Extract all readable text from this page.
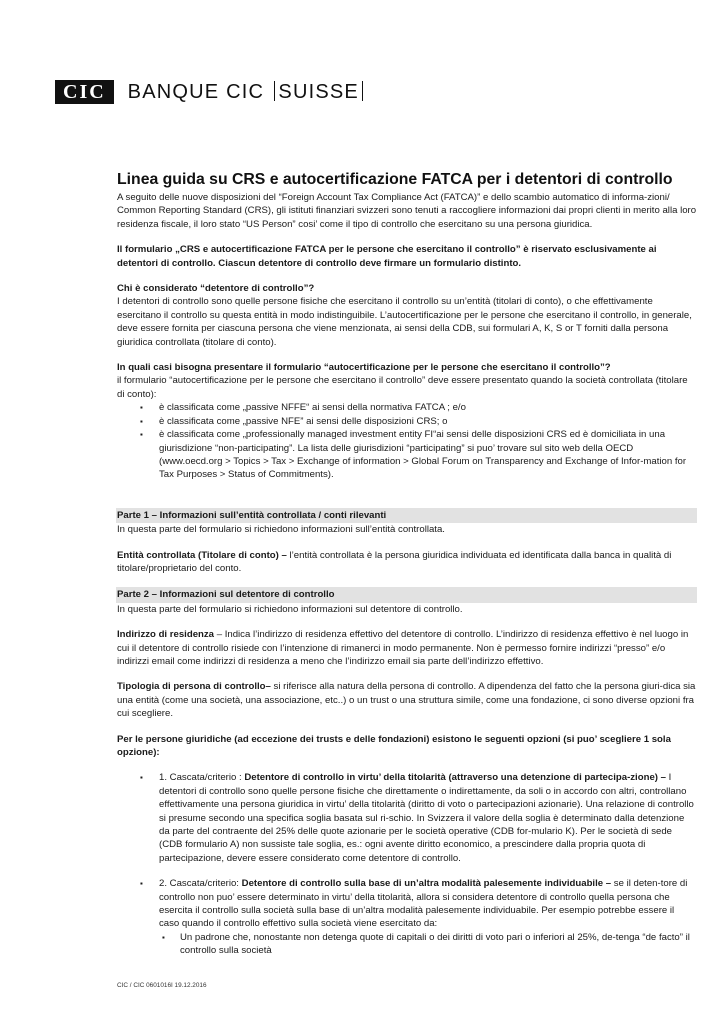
CIC	BANQUE CIC SUISSE
Linea guida su CRS e autocertificazione FATCA per i detentori di controllo

A seguito delle nuove disposizioni del “Foreign Account Tax Compliance Act (FATCA)” e dello scambio automatico di informa-zioni/ Common Reporting Standard (CRS), gli istituti finanziari svizzeri sono tenuti a raccogliere informazioni dai propri clienti in merito alla loro residenza fiscale, il loro stato “US Person” cosi’ come il tipo di controllo che esercitano su una persona giuridica.

Il formulario „CRS e autocertificazione FATCA per le persone che esercitano il controllo” è riservato esclusivamente ai detentori di controllo. Ciascun detentore di controllo deve firmare un formulario distinto.

Chi è considerato “detentore di controllo”?

I detentori di controllo sono quelle persone fisiche che esercitano il controllo su un’entità (titolari di conto), o che effettivamente esercitano il controllo su questa entità in modo indistinguibile. L’autocertificazione per le persone che esercitano il controllo, in generale, deve essere fornita per ciascuna persona che viene menzionata, ai sensi della CDB, sui formulari A, K, S or T forniti dalla persona giuridica controllata (titolare di conto).

In quali casi bisogna presentare il formulario “autocertificazione per le persone che esercitano il controllo”?

il formulario “autocertificazione per le persone che esercitano il controllo” deve essere presentato quando la società controllata (titolare di conto):

▪ è classificata come „passive NFFE“ ai sensi della normativa FATCA ; e/o
▪ è classificata come „passive NFE” ai sensi delle disposizioni CRS; o
▪ è classificata come „professionally managed investment entity FI“ai sensi delle disposizioni CRS ed è domiciliata in una giurisdizione “non-participating”. La lista delle giurisdizioni “participating” si puo’ trovare sul sito web della OECD (www.oecd.org > Topics > Tax > Exchange of information > Global Forum on Transparency and Exchange of Infor-mation for Tax Purposes > Status of Commitments).
Parte 1 – Informazioni sull’entità controllata / conti rilevanti

In questa parte del formulario si richiedono informazioni sull’entità controllata.

Entità controllata (Titolare di conto) – l’entità controllata è la persona giuridica individuata ed identificata dalla banca in qualità di titolare/proprietario del conto.

Parte 2 – Informazioni sul detentore di controllo

In questa parte del formulario si richiedono informazioni sul detentore di controllo.

Indirizzo di residenza – Indica l’indirizzo di residenza effettivo del detentore di controllo. L’indirizzo di residenza effettivo è nel luogo in cui il detentore di controllo risiede con l’intenzione di rimanerci in modo permanente. Non è permesso fornire indirizzi “presso” e/o indirizzi email come indirizzi di residenza a meno che l’indirizzo email sia parte dell’indirizzo effettivo.

Tipologia di persona di controllo– si riferisce alla natura della persona di controllo. A dipendenza del fatto che la persona giuri-dica sia una entità (come una società, una associazione, etc..) o un trust o una struttura simile, come una fondazione, ci sono diverse opzioni fra cui scegliere.

Per le persone giuridiche (ad eccezione dei trusts e delle fondazioni) esistono le seguenti opzioni (si puo’ scegliere 1 sola opzione):

▪ 1. Cascata/criterio : Detentore di controllo in virtu’ della titolarità (attraverso una detenzione di partecipa-zione) – I detentori di controllo sono quelle persone fisiche che direttamente o indirettamente, da soli o in accordo con altri, controllano effettivamente una persona giuridica in virtu’ della titolarità (diritto di voto o partecipazioni azionarie). Una relazione di controllo si presume secondo una specifica soglia basata sul ri-schio. In Svizzera il valore della soglia è determinato dalla detenzione da parte del contraente del 25% delle quote azionarie per le società operative (CDB for-mulario K). Per le società di sede (CDB formulario A) non sussiste tale soglia, es.: ogni avente diritto economico, a prescindere dalla propria quota di partecipazione, devere essere considerato come detentore di controllo.
▪ 2. Cascata/criterio: Detentore di controllo sulla base di un’altra modalità palesemente individuabile – se il deten-tore di controllo non puo’ essere determinato in virtu’ della titolarità, allora si considera detentore di controllo quella persona che esercita il controllo sulla società sulla base di un’altra modalità palesemente individuabile. Per esempio potrebbe essere il caso quando il controllo effettivo sulla società viene esercitato da:
▪ Un padrone che, nonostante non detenga quote di capitali o dei diritti di voto pari o inferiori al 25%, de-tenga “de facto” il controllo sulla società
CIC / CIC 0601016I 19.12.2016
